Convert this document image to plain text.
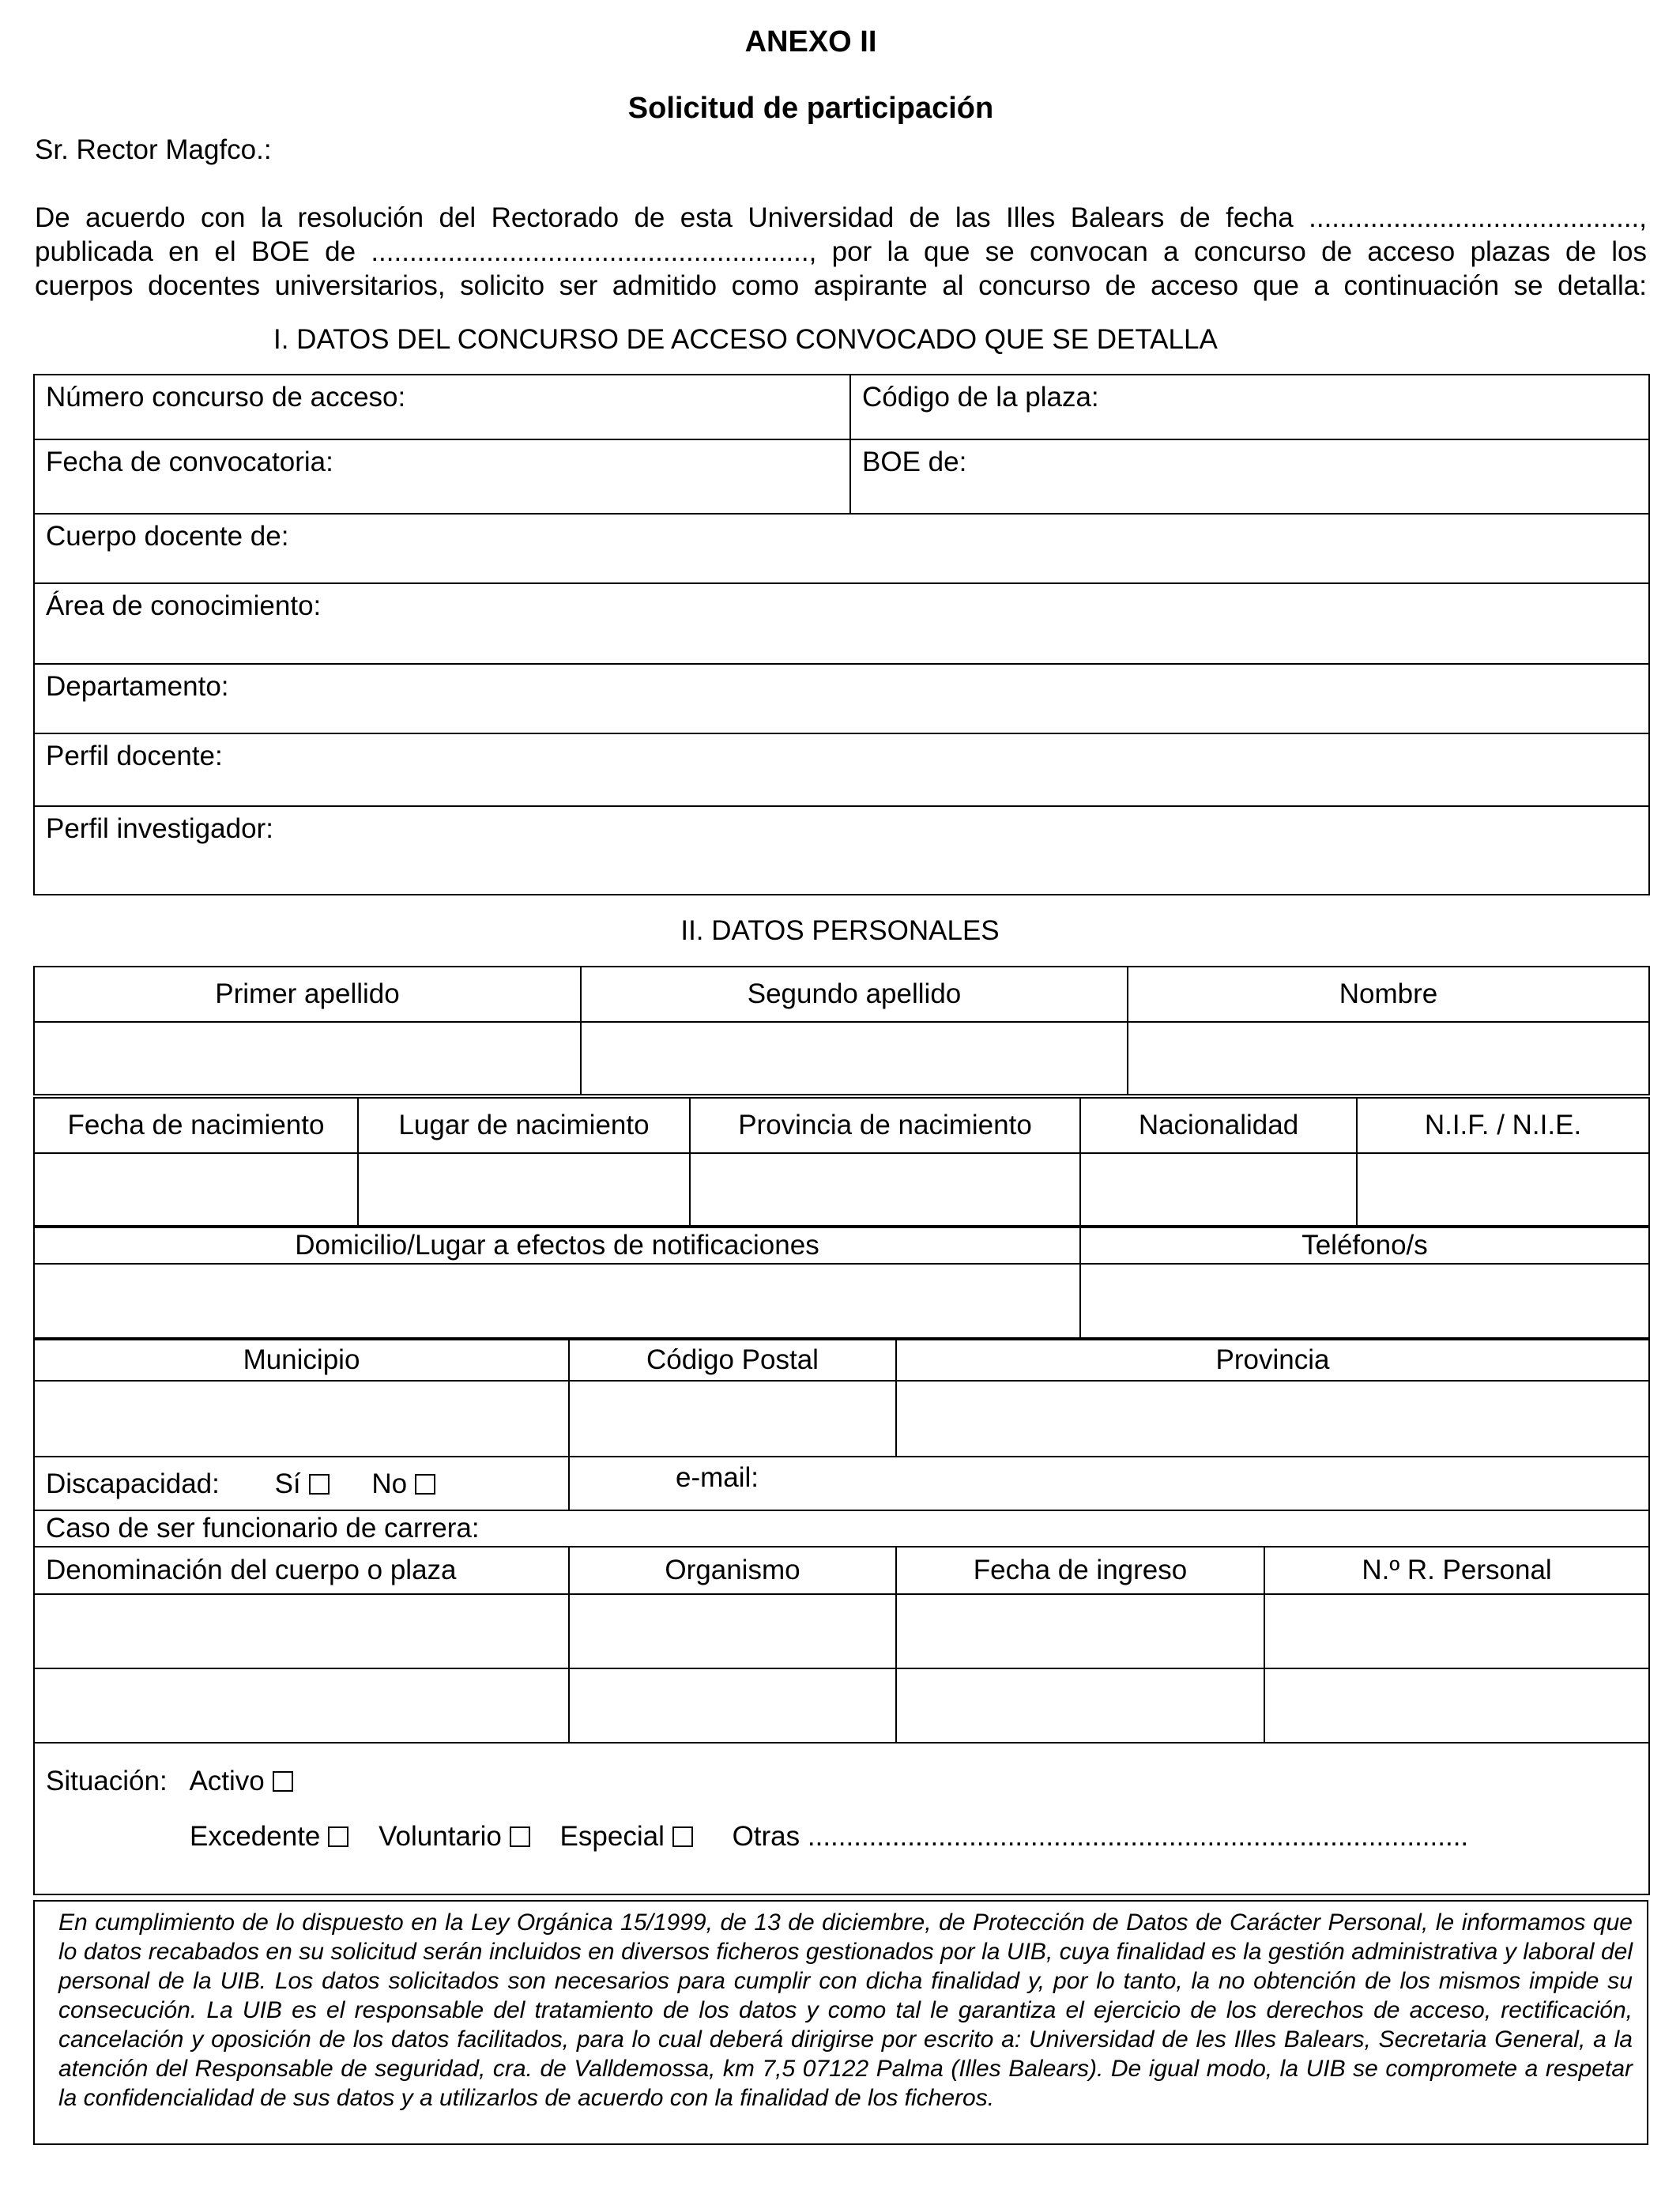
ANEXO II
Solicitud de participación
Sr. Rector Magfco.:
De acuerdo con la resolución del Rectorado de esta Universidad de las Illes Balears de fecha ...........................................,
publicada en el BOE de ........................................................., por la que se convocan a concurso de acceso plazas de los
cuerpos docentes universitarios, solicito ser admitido como aspirante al concurso de acceso que a continuación se detalla:
I. DATOS DEL CONCURSO DE ACCESO CONVOCADO QUE SE DETALLA
Número concurso de acceso:	Código de la plaza:
Fecha de convocatoria:	BOE de:
Cuerpo docente de:	
Área de conocimiento:	
Departamento:	
Perfil docente:	
Perfil investigador:	
II. DATOS PERSONALES
Primer apellido	Segundo apellido	Nombre

Fecha de nacimiento	Lugar de nacimiento	Provincia de nacimiento	Nacionalidad	N.I.F. / N.I.E.

Domicilio/Lugar a efectos de notificaciones	Teléfono/s

Municipio	Código Postal	Provincia

Discapacidad: Sí	No	e-mail:
Caso de ser funcionario de carrera:
Denominación del cuerpo o plaza	Organismo	Fecha de ingreso	N.º R. Personal

Situación: Activo
Excedente Voluntario Especial Otras ......................................................................................			
En cumplimiento de lo dispuesto en la Ley Orgánica 15/1999, de 13 de diciembre, de Protección de Datos de Carácter Personal, le informamos que lo datos recabados en su solicitud serán incluidos en diversos ficheros gestionados por la UIB, cuya finalidad es la gestión administrativa y laboral del personal de la UIB. Los datos solicitados son necesarios para cumplir con dicha finalidad y, por lo tanto, la no obtención de los mismos impide su consecución. La UIB es el responsable del tratamiento de los datos y como tal le garantiza el ejercicio de los derechos de acceso, rectificación, cancelación y oposición de los datos facilitados, para lo cual deberá dirigirse por escrito a: Universidad de les Illes Balears, Secretaria General, a la atención del Responsable de seguridad, cra. de Valldemossa, km 7,5 07122 Palma (Illes Balears). De igual modo, la UIB se compromete a respetar la confidencialidad de sus datos y a utilizarlos de acuerdo con la finalidad de los ficheros.
